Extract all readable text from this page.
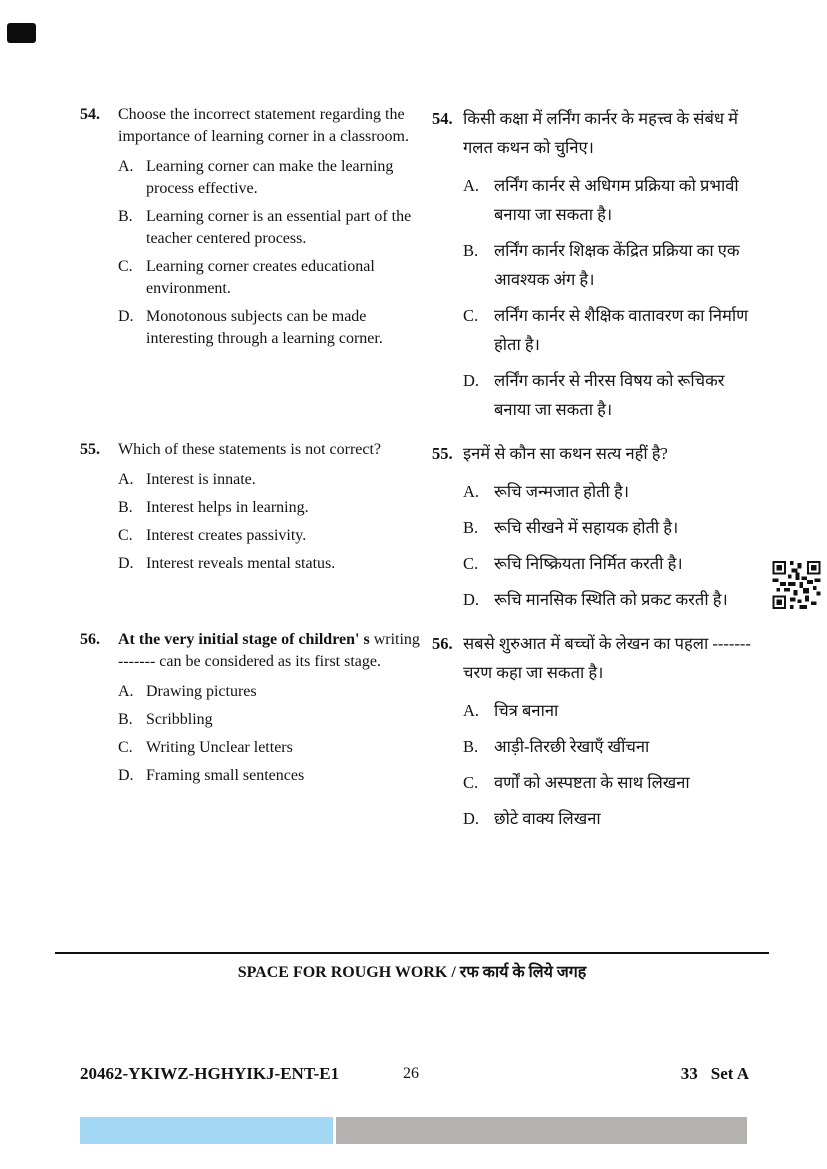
54.	Choose the incorrect statement regarding the importance of learning corner in a classroom.
A. Learning corner can make the learning process effective.
B. Learning corner is an essential part of the teacher centered process.
C. Learning corner creates educational environment.
D. Monotonous subjects can be made interesting through a learning corner.
54. किसी कक्षा में लर्निंग कार्नर के महत्त्व के संबंध में गलत कथन को चुनिए।
A. लर्निंग कार्नर से अधिगम प्रक्रिया को प्रभावी बनाया जा सकता है।
B. लर्निंग कार्नर शिक्षक केंद्रित प्रक्रिया का एक आवश्यक अंग है।
C. लर्निंग कार्नर से शैक्षिक वातावरण का निर्माण होता है।
D. लर्निंग कार्नर से नीरस विषय को रूचिकर बनाया जा सकता है।
55.	Which of these statements is not correct?
A. Interest is innate.
B. Interest helps in learning.
C. Interest creates passivity.
D. Interest reveals mental status.
55. इनमें से कौन सा कथन सत्य नहीं है?
A. रूचि जन्मजात होती है।
B. रूचि सीखने में सहायक होती है।
C. रूचि निष्क्रियता निर्मित करती है।
D. रूचि मानसिक स्थिति को प्रकट करती है।
56.	At the very initial stage of children' s writing ------- can be considered as its first stage.
A. Drawing pictures
B. Scribbling
C. Writing Unclear letters
D. Framing small sentences
56. सबसे शुरुआत में बच्चों के लेखन का पहला ------- चरण कहा जा सकता है।
A. चित्र बनाना
B. आड़ी-तिरछी रेखाएँ खींचना
C. वर्णों को अस्पष्टता के साथ लिखना
D. छोटे वाक्य लिखना
SPACE FOR ROUGH WORK / रफ कार्य के लिये जगह
20462-YKIWZ-HGHYIKJ-ENT-E1	26	33 Set A
